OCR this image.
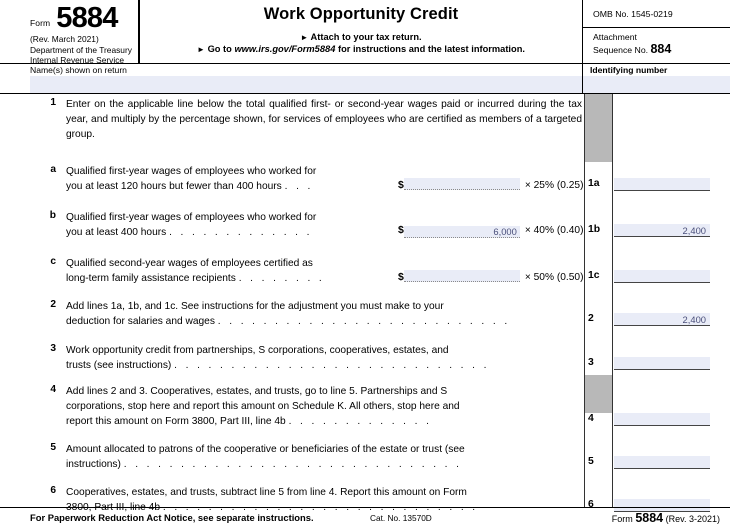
Form 5884
(Rev. March 2021)
Department of the Treasury
Internal Revenue Service
Work Opportunity Credit
► Attach to your tax return.
► Go to www.irs.gov/Form5884 for instructions and the latest information.
OMB No. 1545-0219
Attachment
Sequence No. 884
Name(s) shown on return	Identifying number
1 Enter on the applicable line below the total qualified first- or second-year wages paid or incurred during the tax year, and multiply by the percentage shown, for services of employees who are certified as members of a targeted group.
a Qualified first-year wages of employees who worked for
you at least 120 hours but fewer than 400 hours . . .	$	× 25% (0.25) 1a
b Qualified first-year wages of employees who worked for
you at least 400 hours . . . . . . . . . . . . .	$	6,000 × 40% (0.40) 1b	2,400
c Qualified second-year wages of employees certified as
long-term family assistance recipients . . . . . . . .	$	× 50% (0.50) 1c
2 Add lines 1a, 1b, and 1c. See instructions for the adjustment you must make to your
deduction for salaries and wages . . . . . . . . . . . . . . . . . . . . . . . . . .	2	2,400
3 Work opportunity credit from partnerships, S corporations, cooperatives, estates, and
trusts (see instructions) . . . . . . . . . . . . . . . . . . . . . . . . . . . .	3
4 Add lines 2 and 3. Cooperatives, estates, and trusts, go to line 5. Partnerships and S
corporations, stop here and report this amount on Schedule K. All others, stop here and
report this amount on Form 3800, Part III, line 4b . . . . . . . . . . . . .	4
5 Amount allocated to patrons of the cooperative or beneficiaries of the estate or trust (see
instructions) . . . . . . . . . . . . . . . . . . . . . . . . . . . . . .	5
6 Cooperatives, estates, and trusts, subtract line 5 from line 4. Report this amount on Form
3800, Part III, line 4b . . . . . . . . . . . . . . . . . . . . . . . . . . . .	6
For Paperwork Reduction Act Notice, see separate instructions.	Cat. No. 13570D	Form 5884 (Rev. 3-2021)
